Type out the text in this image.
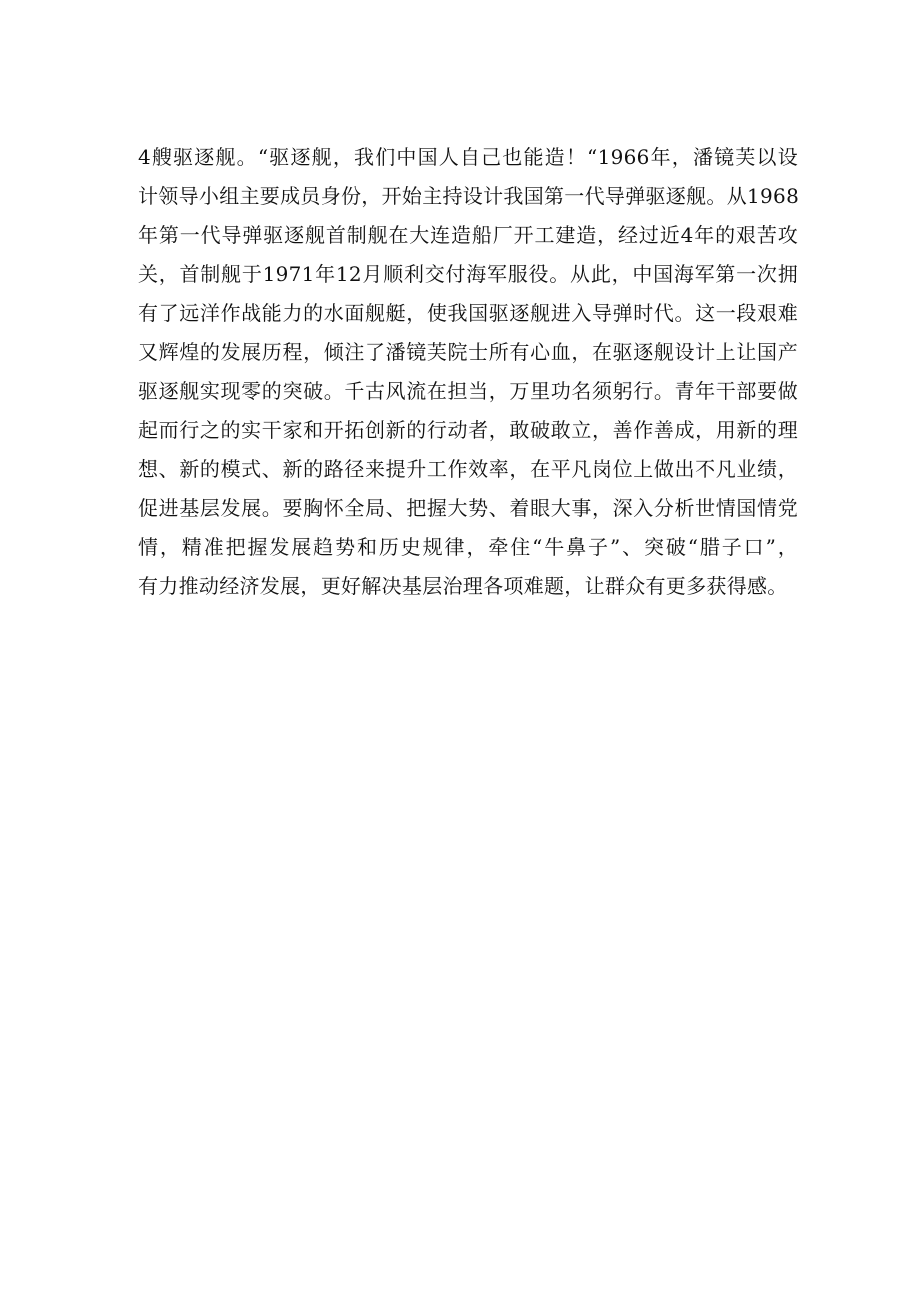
4艘驱逐舰。“驱逐舰，我们中国人自己也能造！“1966年，潘镜芙以设
计领导小组主要成员身份，开始主持设计我国第一代导弹驱逐舰。从1968
年第一代导弹驱逐舰首制舰在大连造船厂开工建造，经过近4年的艰苦攻
关，首制舰于1971年12月顺利交付海军服役。从此，中国海军第一次拥
有了远洋作战能力的水面舰艇，使我国驱逐舰进入导弹时代。这一段艰难
又辉煌的发展历程，倾注了潘镜芙院士所有心血，在驱逐舰设计上让国产
驱逐舰实现零的突破。千古风流在担当，万里功名须躬行。青年干部要做
起而行之的实干家和开拓创新的行动者，敢破敢立，善作善成，用新的理
想、新的模式、新的路径来提升工作效率，在平凡岗位上做出不凡业绩，
促进基层发展。要胸怀全局、把握大势、着眼大事，深入分析世情国情党
情，精准把握发展趋势和历史规律，牵住“牛鼻子”、突破“腊子口”，
有力推动经济发展，更好解决基层治理各项难题，让群众有更多获得感。
